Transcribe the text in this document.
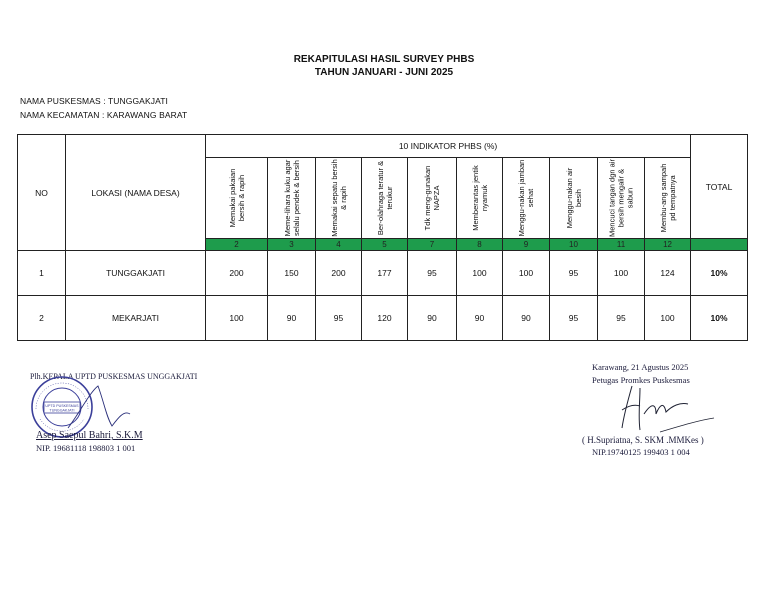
REKAPITULASI HASIL SURVEY PHBS
TAHUN JANUARI - JUNI 2025
NAMA PUSKESMAS : TUNGGAKJATI
NAMA KECAMATAN : KARAWANG BARAT
NO	LOKASI (NAMA DESA)	10 INDIKATOR PHBS (%)										TOTAL

		Memakai pakaian bersih & rapih	Meme-lihara kuku agar selalu pendek & bersih	Memakai sepatu bersih & rapih	Ber-olahraga teratur & terukur	Tdk meng-gunakan NAPZA	Memberantas jentik nyamuk	Menggu-nakan jamban sehat	Menggu-nakan air besih	Mencuci tangan dgn air bersih mengalir & sabun	Membu-ang sampah pd tempatnya	

		2	3	4	5	7	8	9	10	11	12	
1	TUNGGAKJATI	200	150	200	177	95	100	100	95	100	124	10%
2	MEKARJATI	100	90	95	120	90	90	90	95	95	100	10%
Plh.KEPALA UPTD PUSKESMAS UNGGAKJATI
UPTD PUSKESMAS
TUNGGAKJATI
Asep Saepul Bahri, S.K.M
NIP. 19681118 198803 1 001
Karawang, 21 Agustus 2025
Petugas Promkes Puskesmas
( H.Supriatna, S. SKM .MMKes )
NIP.19740125 199403 1 004
